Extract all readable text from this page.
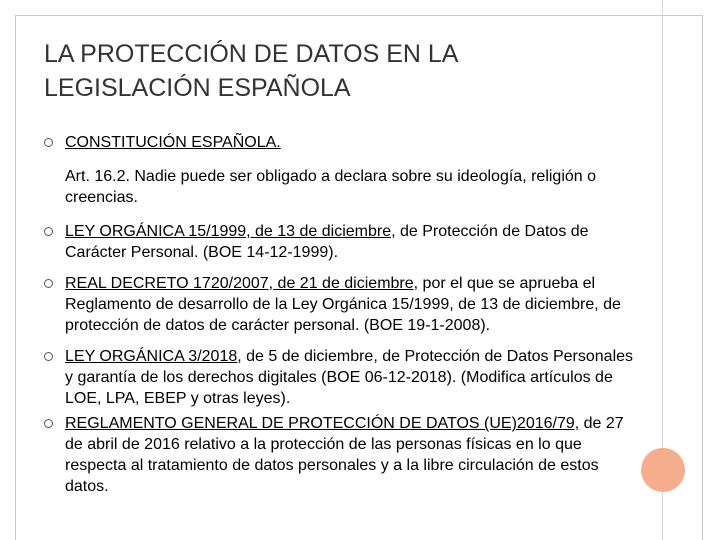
LA PROTECCIÓN DE DATOS EN LA
LEGISLACIÓN ESPAÑOLA
CONSTITUCIÓN ESPAÑOLA.
Art. 16.2. Nadie puede ser obligado a declara sobre su ideología, religión o creencias.
LEY ORGÁNICA 15/1999, de 13 de diciembre, de Protección de Datos de Carácter Personal. (BOE 14-12-1999).
REAL DECRETO 1720/2007, de 21 de diciembre, por el que se aprueba el Reglamento de desarrollo de la Ley Orgánica 15/1999, de 13 de diciembre, de protección de datos de carácter personal. (BOE 19-1-2008).
LEY ORGÁNICA 3/2018, de 5 de diciembre, de Protección de Datos Personales y garantía de los derechos digitales (BOE 06-12-2018). (Modifica artículos de LOE, LPA, EBEP y otras leyes).
REGLAMENTO GENERAL DE PROTECCIÓN DE DATOS (UE)2016/79, de 27 de abril de 2016 relativo a la protección de las personas físicas en lo que respecta al tratamiento de datos personales y a la libre circulación de estos datos.
